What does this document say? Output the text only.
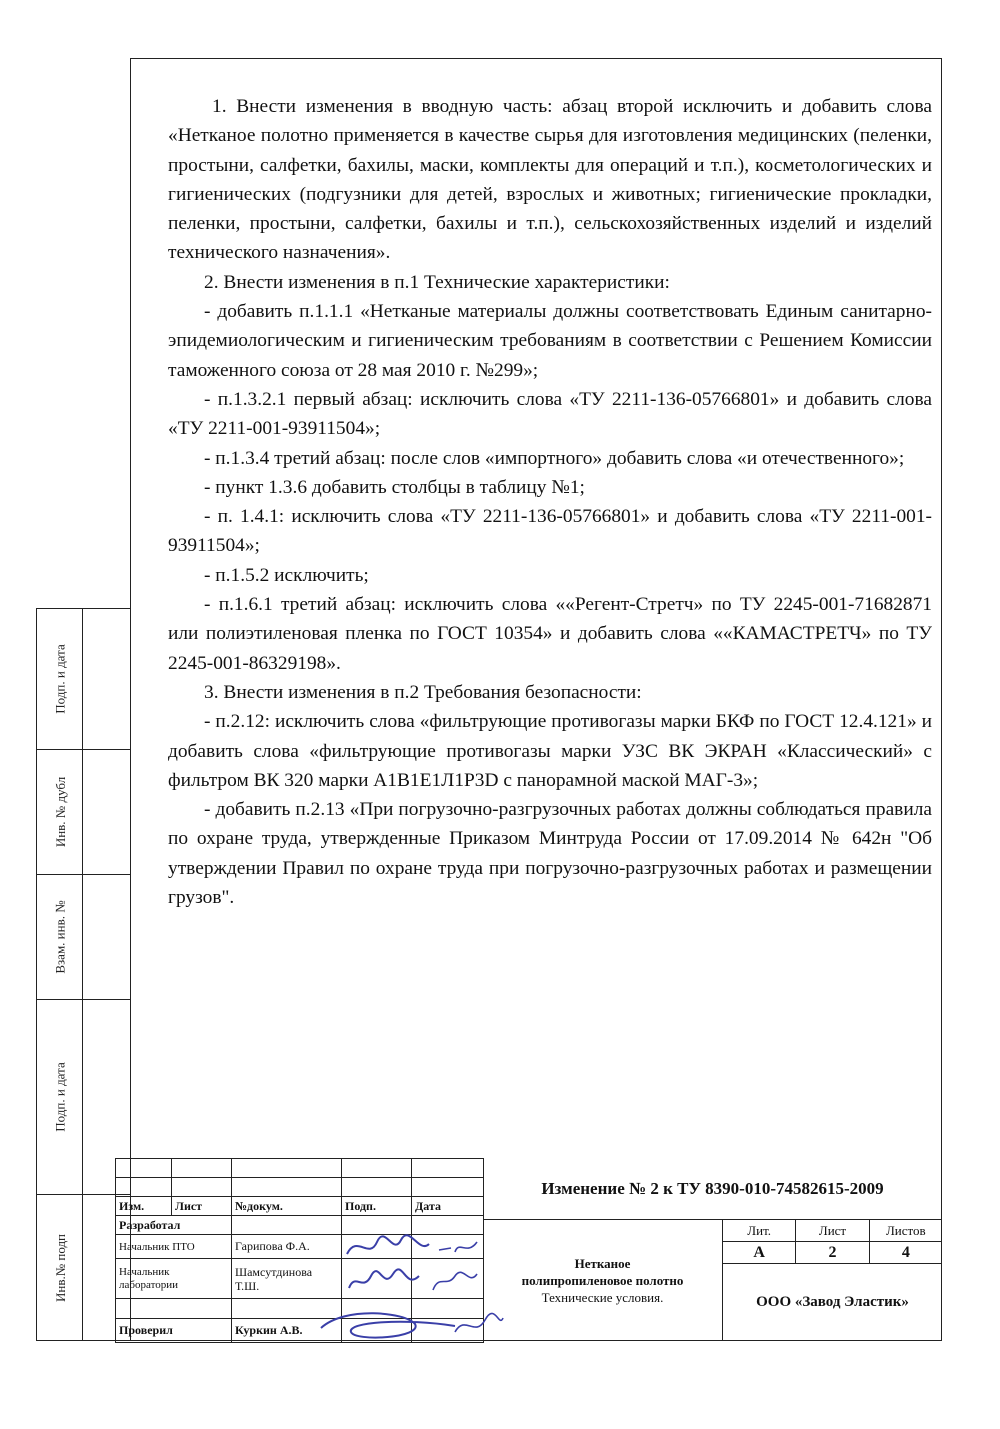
Подп. и дата
Инв. № дубл
Взам. инв. №
Подп. и дата
Инв.№ подп

1. Внести изменения в вводную часть: абзац второй исключить и добавить слова «Нетканое полотно применяется в качестве сырья для изготовления медицинских (пеленки, простыни, салфетки, бахилы, маски, комплекты для операций и т.п.), косметологических и гигиенических (подгузники для детей, взрослых и животных; гигиенические прокладки, пеленки, простыни, салфетки, бахилы и т.п.), сельскохозяйственных изделий и изделий технического назначения».

2. Внести изменения в п.1 Технические характеристики:

- добавить п.1.1.1 «Нетканые материалы должны соответствовать Единым санитарно-эпидемиологическим и гигиеническим требованиям в соответствии с Решением Комиссии таможенного союза от 28 мая 2010 г. №299»;

- п.1.3.2.1 первый абзац: исключить слова «ТУ 2211-136-05766801» и добавить слова «ТУ 2211-001-93911504»;

- п.1.3.4 третий абзац: после слов «импортного» добавить слова «и отечественного»;

- пункт 1.3.6 добавить столбцы в таблицу №1;

- п. 1.4.1: исключить слова «ТУ 2211-136-05766801» и добавить слова «ТУ 2211-001-93911504»;

- п.1.5.2 исключить;

- п.1.6.1 третий абзац: исключить слова ««Регент-Стретч» по ТУ 2245-001-71682871 или полиэтиленовая пленка по ГОСТ 10354» и добавить слова ««КАМАСТРЕТЧ» по ТУ 2245-001-86329198».

3. Внести изменения в п.2 Требования безопасности:

- п.2.12: исключить слова «фильтрующие противогазы марки БКФ по ГОСТ 12.4.121» и добавить слова «фильтрующие противогазы марки УЗС ВК ЭКРАН «Классический» с фильтром ВК 320 марки А1В1Е1Л1Р3D с панорамной маской МАГ-3»;

- добавить п.2.13 «При погрузочно-разгрузочных работах должны соблюдаться правила по охране труда, утвержденные Приказом Минтруда России от 17.09.2014 № 642н "Об утверждении Правил по охране труда при погрузочно-разгрузочных работах и размещении грузов".

Изм.	Лист	№докум.	Подп.	Дата
Разработал				
Начальник ПТО		Гарипова Ф.А.		
Начальник лаборатории		Шамсутдинова Т.Ш.		

Проверил		Куркин А.В.		
Изменение № 2 к ТУ 8390-010-74582615-2009
Нетканое
полипропиленовое полотно
Технические условия.
Лит.	Лист	Листов
А	2	4
ООО «Завод Эластик»
